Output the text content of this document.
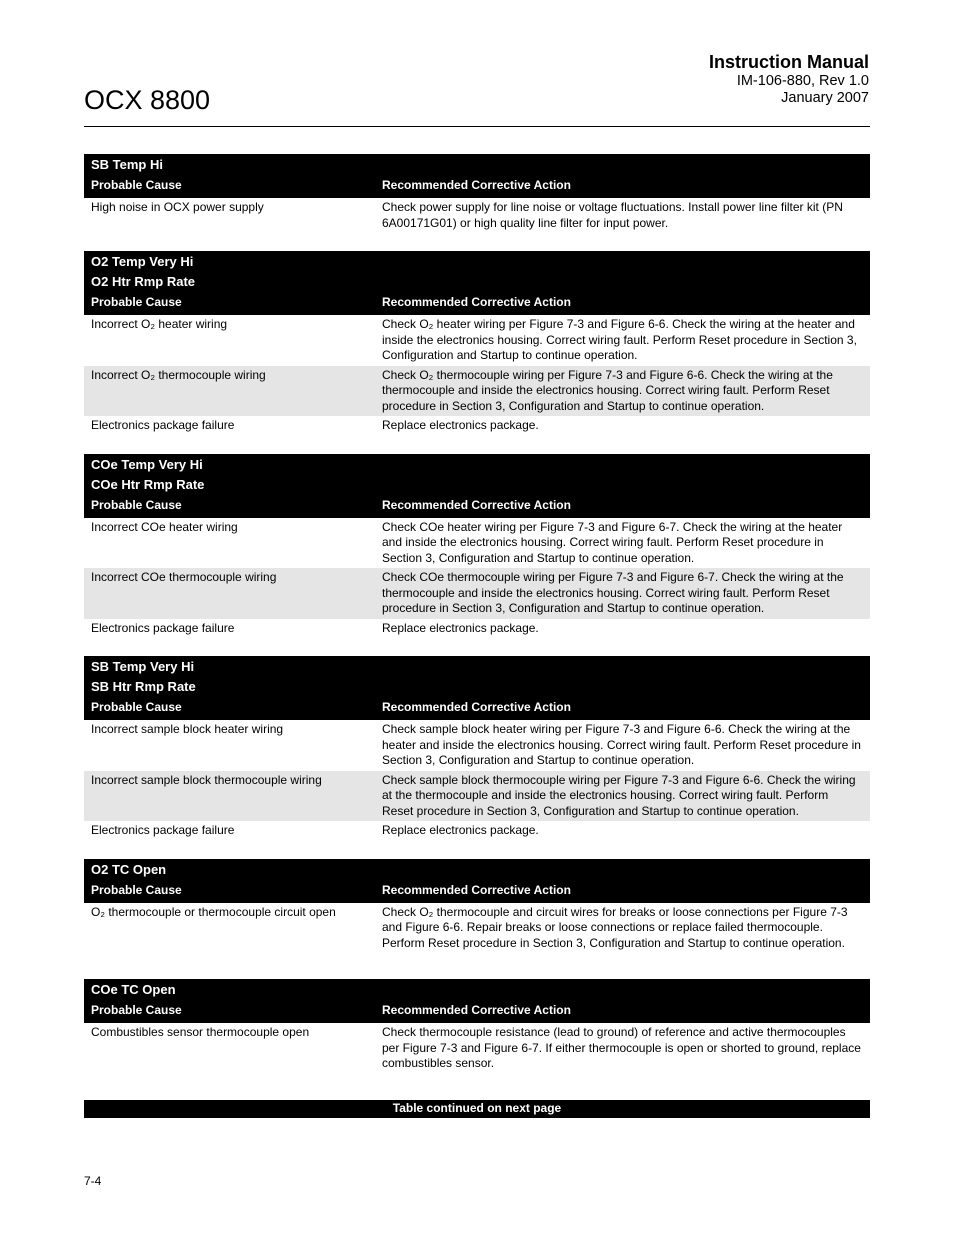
OCX 8800
Instruction Manual
IM-106-880, Rev 1.0
January 2007
SB Temp Hi
Probable Cause	Recommended Corrective Action
High noise in OCX power supply	Check power supply for line noise or voltage fluctuations. Install power line filter kit (PN 6A00171G01) or high quality line filter for input power.
O2 Temp Very Hi
O2 Htr Rmp Rate
Probable Cause	Recommended Corrective Action
Incorrect O₂ heater wiring	Check O₂ heater wiring per Figure 7-3 and Figure 6-6. Check the wiring at the heater and inside the electronics housing. Correct wiring fault. Perform Reset procedure in Section 3, Configuration and Startup to continue operation.
Incorrect O₂ thermocouple wiring	Check O₂ thermocouple wiring per Figure 7-3 and Figure 6-6. Check the wiring at the thermocouple and inside the electronics housing. Correct wiring fault. Perform Reset procedure in Section 3, Configuration and Startup to continue operation.
Electronics package failure	Replace electronics package.
COe Temp Very Hi
COe Htr Rmp Rate
Probable Cause	Recommended Corrective Action
Incorrect COe heater wiring	Check COe heater wiring per Figure 7-3 and Figure 6-7. Check the wiring at the heater and inside the electronics housing. Correct wiring fault. Perform Reset procedure in Section 3, Configuration and Startup to continue operation.
Incorrect COe thermocouple wiring	Check COe thermocouple wiring per Figure 7-3 and Figure 6-7. Check the wiring at the thermocouple and inside the electronics housing. Correct wiring fault. Perform Reset procedure in Section 3, Configuration and Startup to continue operation.
Electronics package failure	Replace electronics package.
SB Temp Very Hi
SB Htr Rmp Rate
Probable Cause	Recommended Corrective Action
Incorrect sample block heater wiring	Check sample block heater wiring per Figure 7-3 and Figure 6-6. Check the wiring at the heater and inside the electronics housing. Correct wiring fault. Perform Reset procedure in Section 3, Configuration and Startup to continue operation.
Incorrect sample block thermocouple wiring	Check sample block thermocouple wiring per Figure 7-3 and Figure 6-6. Check the wiring at the thermocouple and inside the electronics housing. Correct wiring fault. Perform Reset procedure in Section 3, Configuration and Startup to continue operation.
Electronics package failure	Replace electronics package.
O2 TC Open
Probable Cause	Recommended Corrective Action
O₂ thermocouple or thermocouple circuit open	Check O₂ thermocouple and circuit wires for breaks or loose connections per Figure 7-3 and Figure 6-6. Repair breaks or loose connections or replace failed thermocouple. Perform Reset procedure in Section 3, Configuration and Startup to continue operation.
COe TC Open
Probable Cause	Recommended Corrective Action
Combustibles sensor thermocouple open	Check thermocouple resistance (lead to ground) of reference and active thermocouples per Figure 7-3 and Figure 6-7. If either thermocouple is open or shorted to ground, replace combustibles sensor.
Table continued on next page
7-4
